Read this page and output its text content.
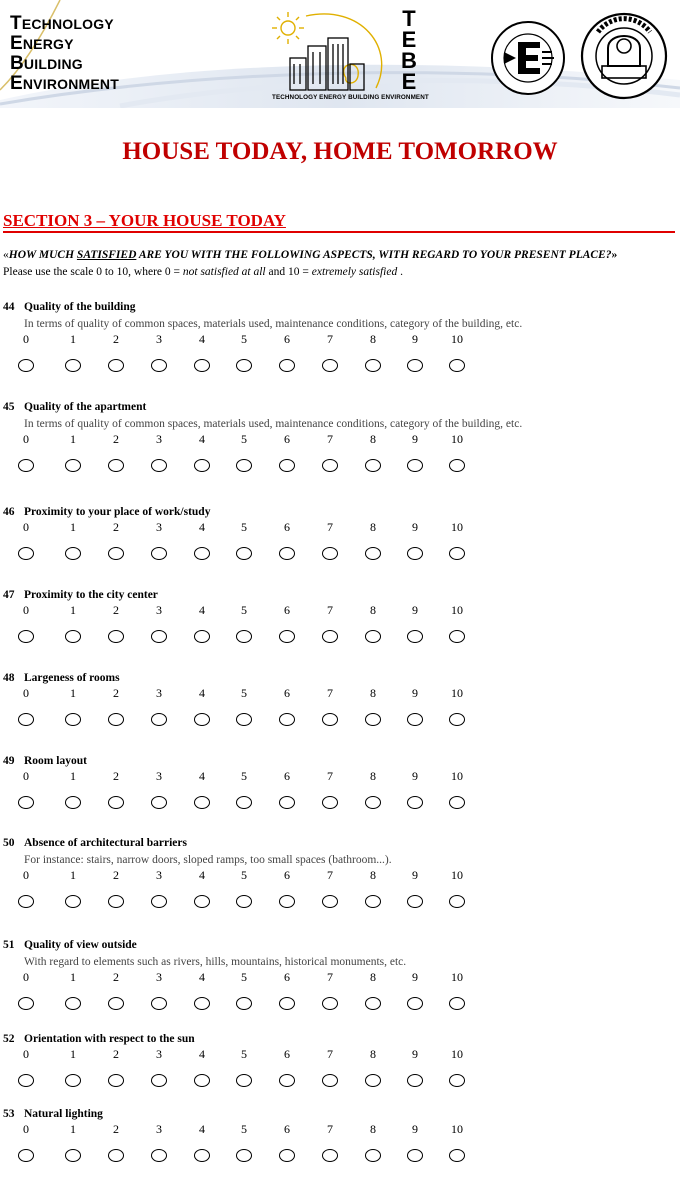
TECHNOLOGY
ENERGY
BUILDING
ENVIRONMENT
T
E
B
E
TECHNOLOGY ENERGY BUILDING ENVIRONMENT
HOUSE TODAY, HOME TOMORROW
SECTION 3 – YOUR HOUSE TODAY
«HOW MUCH SATISFIED ARE YOU WITH THE FOLLOWING ASPECTS, WITH REGARD TO YOUR PRESENT PLACE?»
Please use the scale 0 to 10, where 0 = not satisfied at all and 10 = extremely satisfied .
44 Quality of the building
In terms of quality of common spaces, materials used, maintenance conditions, category of the building, etc.
0	1	2	3	4	5	6	7	8	9	10
45 Quality of the apartment
In terms of quality of common spaces, materials used, maintenance conditions, category of the building, etc.
0	1	2	3	4	5	6	7	8	9	10
46 Proximity to your place of work/study
0	1	2	3	4	5	6	7	8	9	10
47 Proximity to the city center
0	1	2	3	4	5	6	7	8	9	10
48 Largeness of rooms
0	1	2	3	4	5	6	7	8	9	10
49 Room layout
0	1	2	3	4	5	6	7	8	9	10
50 Absence of architectural barriers
For instance: stairs, narrow doors, sloped ramps, too small spaces (bathroom...).
0	1	2	3	4	5	6	7	8	9	10
51 Quality of view outside
With regard to elements such as rivers, hills, mountains, historical monuments, etc.
0	1	2	3	4	5	6	7	8	9	10
52 Orientation with respect to the sun
0	1	2	3	4	5	6	7	8	9	10
53 Natural lighting
0	1	2	3	4	5	6	7	8	9	10
